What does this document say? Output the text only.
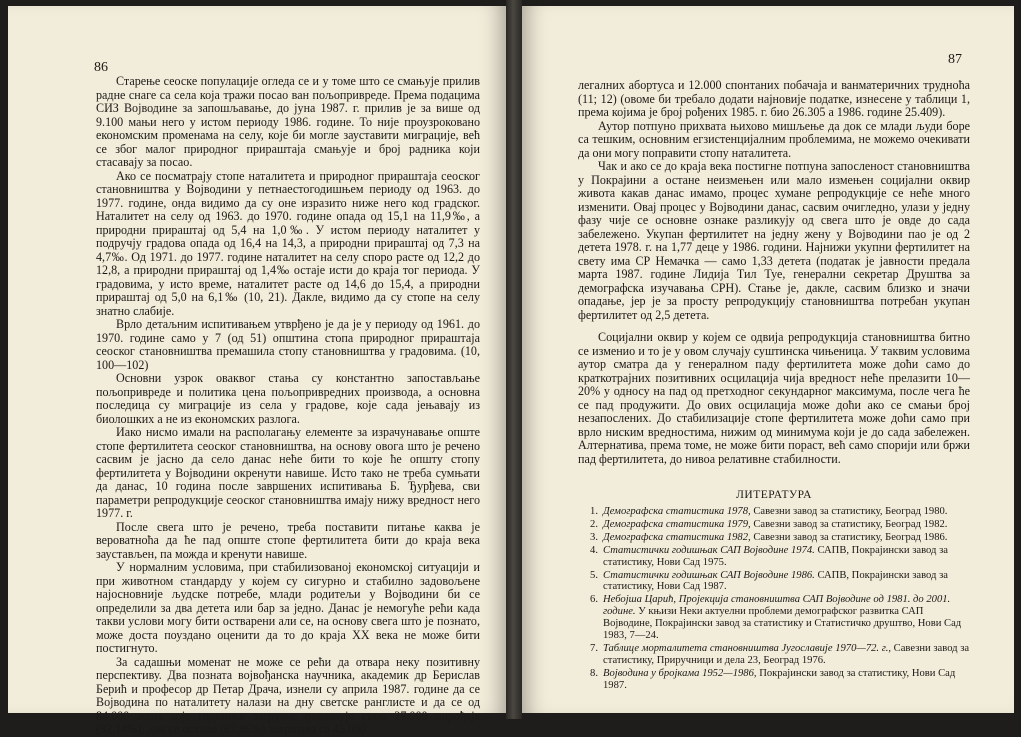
86

Старење сеоске популације огледа се и у томе што се смањује прилив радне снаге са села која тражи посао ван пољопривреде. Према подацима СИЗ Војводине за запошљавање, до јуна 1987. г. прилив је за више од 9.100 мањи него у истом периоду 1986. године. То није проузроковано економским променама на селу, које би могле зауставити миграције, већ се због малог природног прираштаја смањује и број радника који стасавају за посао.

Ако се посматрају стопе наталитета и природног прираштаја сеоског становништва у Војводини у петнаестогодишњем периоду од 1963. до 1977. године, онда видимо да су оне изразито ниже него код градског. Наталитет на селу од 1963. до 1970. године опада од 15,1 на 11,9‰, а природни прираштај од 5,4 на 1,0‰. У истом периоду наталитет у подручју градова опада од 16,4 на 14,3, а природни прираштај од 7,3 на 4,7‰. Од 1971. до 1977. године наталитет на селу споро расте од 12,2 до 12,8, а природни прираштај од 1,4‰ остаје исти до краја тог периода. У градовима, у исто време, наталитет расте од 14,6 до 15,4, а природни прираштај од 5,0 на 6,1‰ (10, 21). Дакле, видимо да су стопе на селу знатно слабије.

Врло детаљним испитивањем утврђено је да је у периоду од 1961. до 1970. године само у 7 (од 51) општина стопа природног прираштаја сеоског становништва премашила стопу становништва у градовима. (10, 100—102)

Основни узрок оваквог стања су константно запостављање пољопривреде и политика цена пољопривредних производа, а основна последица су миграције из села у градове, које сада јењавају из биолошких а не из економских разлога.

Иако нисмо имали на располагању елементе за израчунавање опште стопе фертилитета сеоског становништва, на основу овога што је речено сасвим је јасно да село данас неће бити то које ће општу стопу фертилитета у Војводини окренути навише. Исто тако не треба сумњати да данас, 10 година после завршених испитивања Б. Ђурђева, сви параметри репродукције сеоског становништва имају нижу вредност него 1977. г.

После свега што је речено, треба поставити питање каква је вероватноћа да ће пад опште стопе фертилитета бити до краја века заустављен, па можда и кренути навише.

У нормалним условима, при стабилизованој економској ситуацији и при животном стандарду у којем су сигурно и стабилно задовољене најосновније људске потребе, млади родитељи у Војводини би се определили за два детета или бар за једно. Данас је немогуће рећи када такви услови могу бити остварени али се, на основу свега што је познато, може доста поуздано оценити да то до краја XX века не може бити постигнуто.

За садашњи моменат не може се рећи да отвара неку позитивну перспективу. Два позната војвођанска научника, академик др Берислав Берић и професор др Петар Драча, изнели су априла 1987. године да се Војводина по наталитету налази на дну светске ранглисте и да се од 84.000 жена које годишње затрудне реализује само 27.000 порођаја (32,14%), док се остало (67,86%) завршава са 45.000

87

легалних абортуса и 12.000 спонтаних побачаја и ванматеричних трудноћа (11; 12) (овоме би требало додати најновије податке, изнесене у таблици 1, према којима је број рођених 1985. г. био 26.305 а 1986. године 25.409).

Аутор потпуно прихвата њихово мишљење да док се млади људи боре са тешким, основним егзистенцијалним проблемима, не можемо очекивати да они могу поправити стопу наталитета.

Чак и ако се до краја века постигне потпуна запосленост становништва у Покрајини а остане неизмењен или мало измењен социјални оквир живота какав данас имамо, процес хумане репродукције се неће много изменити. Овај процес у Војводини данас, сасвим очигледно, улази у једну фазу чије се основне ознаке разликују од свега што је овде до сада забележено. Укупан фертилитет на једну жену у Војводини пао је од 2 детета 1978. г. на 1,77 деце у 1986. години. Најнижи укупни фертилитет на свету има СР Немачка — само 1,33 детета (податак је јавности предала марта 1987. године Лидија Тил Туе, генерални секретар Друштва за демографска изучавања СРН). Стање је, дакле, сасвим близко и значи опадање, јер је за просту репродукцију становништва потребан укупан фертилитет од 2,5 детета.

Социјални оквир у којем се одвија репродукција становништва битно се изменио и то је у овом случају суштинска чињеница. У таквим условима аутор сматра да у генералном паду фертилитета може доћи само до краткотрајних позитивних осцилација чија вредност неће прелазити 10—20% у односу на пад од претходног секундарног максимума, после чега ће се пад продужити. До ових осцилација може доћи ако се смањи број незапослених. До стабилизације стопе фертилитета може доћи само при врло ниским вредностима, нижим од минимума који је до сада забележен. Алтернатива, према томе, не може бити пораст, већ само спорији или бржи пад фертилитета, до нивоа релативне стабилности.

ЛИТЕРАТУРА
1. Демографска статистика 1978, Савезни завод за статистику, Београд 1980.
2. Демографска статистика 1979, Савезни завод за статистику, Београд 1982.
3. Демографска статистика 1982, Савезни завод за статистику, Београд 1986.
4. Статистички годишњак САП Војводине 1974. САПВ, Покрајински завод за статистику, Нови Сад 1975.
5. Статистички годишњак САП Војводине 1986. САПВ, Покрајински завод за статистику, Нови Сад 1987.
6. Небојша Царић, Пројекција становништва САП Војводине од 1981. до 2001. године. У књизи Неки актуелни проблеми демографског развитка САП Војводине, Покрајински завод за статистику и Статистичко друштво, Нови Сад 1983, 7—24.
7. Таблице морталитета становништва Југославије 1970—72. г., Савезни завод за статистику, Приручници и дела 23, Београд 1976.
8. Војводина у бројкама 1952—1986, Покрајински завод за статистику, Нови Сад 1987.
